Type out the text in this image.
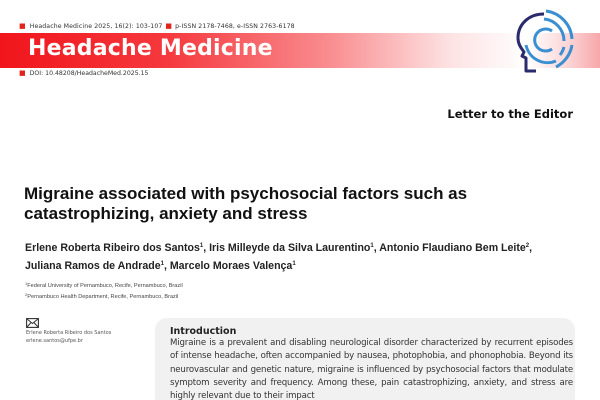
■ Headache Medicine 2025, 16(2): 103-107 ■ p-ISSN 2178-7468, e-ISSN 2763-6178
Headache Medicine
■ DOI: 10.48208/HeadacheMed.2025.15
Letter to the Editor
Migraine associated with psychosocial factors such as catastrophizing, anxiety and stress
Erlene Roberta Ribeiro dos Santos$^1$, Iris Milleyde da Silva Laurentino$^1$, Antonio Flaudiano Bem Leite$^2$,
Juliana Ramos de Andrade$^1$, Marcelo Moraes Valença$^1$
$^1$Federal University of Pernambuco, Recife, Pernambuco, Brazil
$^2$Pernambuco Health Department, Recife, Pernambuco, Brazil
Erlene Roberta Ribeiro dos Santos
erlene.santos@ufpe.br
Introduction
Migraine is a prevalent and disabling neurological disorder characterized by recurrent episodes of intense headache, often accompanied by nausea, photophobia, and phonophobia. Beyond its neurovascular and genetic nature, migraine is influenced by psychosocial factors that modulate symptom severity and frequency. Among these, pain catastrophizing, anxiety, and stress are highly relevant due to their impact
